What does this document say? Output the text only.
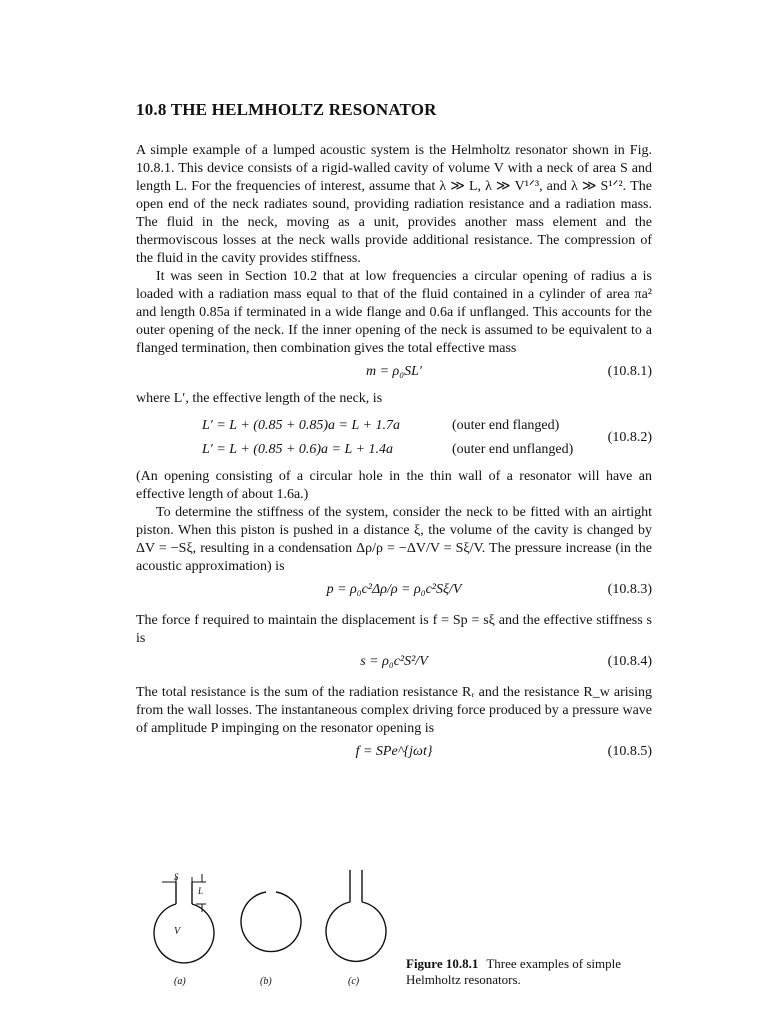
10.8 THE HELMHOLTZ RESONATOR

A simple example of a lumped acoustic system is the Helmholtz resonator shown in Fig. 10.8.1. This device consists of a rigid-walled cavity of volume V with a neck of area S and length L. For the frequencies of interest, assume that λ ≫ L, λ ≫ V¹ᐟ³, and λ ≫ S¹ᐟ². The open end of the neck radiates sound, providing radiation resistance and a radiation mass. The fluid in the neck, moving as a unit, provides another mass element and the thermoviscous losses at the neck walls provide additional resistance. The compression of the fluid in the cavity provides stiffness.

It was seen in Section 10.2 that at low frequencies a circular opening of radius a is loaded with a radiation mass equal to that of the fluid contained in a cylinder of area πa² and length 0.85a if terminated in a wide flange and 0.6a if unflanged. This accounts for the outer opening of the neck. If the inner opening of the neck is assumed to be equivalent to a flanged termination, then combination gives the total effective mass

m = ρ₀SL′	(10.8.1)

where L′, the effective length of the neck, is

L′ = L + (0.85 + 0.85)a = L + 1.7a	(outer end flanged)
L′ = L + (0.85 + 0.6)a = L + 1.4a	(outer end unflanged)
(10.8.2)

(An opening consisting of a circular hole in the thin wall of a resonator will have an effective length of about 1.6a.)

To determine the stiffness of the system, consider the neck to be fitted with an airtight piston. When this piston is pushed in a distance ξ, the volume of the cavity is changed by ΔV = −Sξ, resulting in a condensation Δρ/ρ = −ΔV/V = Sξ/V. The pressure increase (in the acoustic approximation) is

p = ρ₀c²Δρ/ρ = ρ₀c²Sξ/V	(10.8.3)

The force f required to maintain the displacement is f = Sp = sξ and the effective stiffness s is

s = ρ₀c²S²/V	(10.8.4)

The total resistance is the sum of the radiation resistance Rᵣ and the resistance R_w arising from the wall losses. The instantaneous complex driving force produced by a pressure wave of amplitude P impinging on the resonator opening is

f = SPe^{jωt}	(10.8.5)
S
L
V
(a)	(b)	(c)
Figure 10.8.1 Three examples of simple Helmholtz resonators.
